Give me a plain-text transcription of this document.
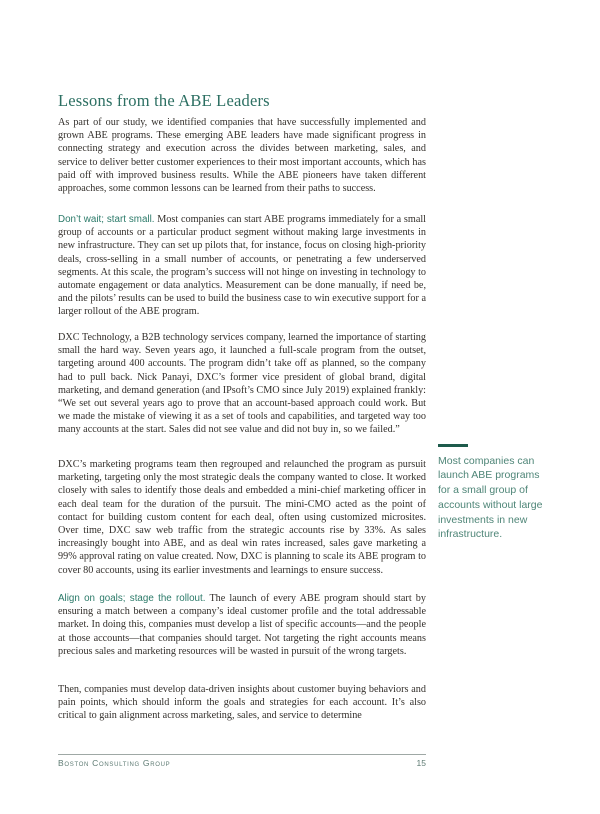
Lessons from the ABE Leaders

As part of our study, we identified companies that have successfully implemented and grown ABE programs. These emerging ABE leaders have made significant progress in connecting strategy and execution across the divides between marketing, sales, and service to deliver better customer experiences to their most important accounts, which has paid off with improved business results. While the ABE pioneers have taken different approaches, some common lessons can be learned from their paths to success.

Don’t wait; start small. Most companies can start ABE programs immediately for a small group of accounts or a particular product segment without making large investments in new infrastructure. They can set up pilots that, for instance, focus on closing high-priority deals, cross-selling in a small number of accounts, or penetrating a few underserved segments. At this scale, the program’s success will not hinge on investing in technology to automate engagement or data analytics. Measurement can be done manually, if need be, and the pilots’ results can be used to build the business case to win executive support for a larger rollout of the ABE program.

DXC Technology, a B2B technology services company, learned the importance of starting small the hard way. Seven years ago, it launched a full-scale program from the outset, targeting around 400 accounts. The program didn’t take off as planned, so the company had to pull back. Nick Panayi, DXC’s former vice president of global brand, digital marketing, and demand generation (and IPsoft’s CMO since July 2019) explained frankly: “We set out several years ago to prove that an account-based approach could work. But we made the mistake of viewing it as a set of tools and capabilities, and targeted way too many accounts at the start. Sales did not see value and did not buy in, so we failed.”

DXC’s marketing programs team then regrouped and relaunched the program as pursuit marketing, targeting only the most strategic deals the company wanted to close. It worked closely with sales to identify those deals and embedded a mini-chief marketing officer in each deal team for the duration of the pursuit. The mini-CMO acted as the point of contact for building custom content for each deal, often using customized microsites. Over time, DXC saw web traffic from the strategic accounts rise by 33%. As sales increasingly bought into ABE, and as deal win rates increased, sales gave marketing a 99% approval rating on value created. Now, DXC is planning to scale its ABE program to cover 80 accounts, using its earlier investments and learnings to ensure success.

Align on goals; stage the rollout. The launch of every ABE program should start by ensuring a match between a company’s ideal customer profile and the total addressable market. In doing this, companies must develop a list of specific accounts—and the people at those accounts—that companies should target. Not targeting the right accounts means precious sales and marketing resources will be wasted in pursuit of the wrong targets.

Then, companies must develop data-driven insights about customer buying behaviors and pain points, which should inform the goals and strategies for each account. It’s also critical to gain alignment across marketing, sales, and service to determine

Most companies can launch ABE programs for a small group of accounts without large investments in new infrastructure.
Boston Consulting Group	15
